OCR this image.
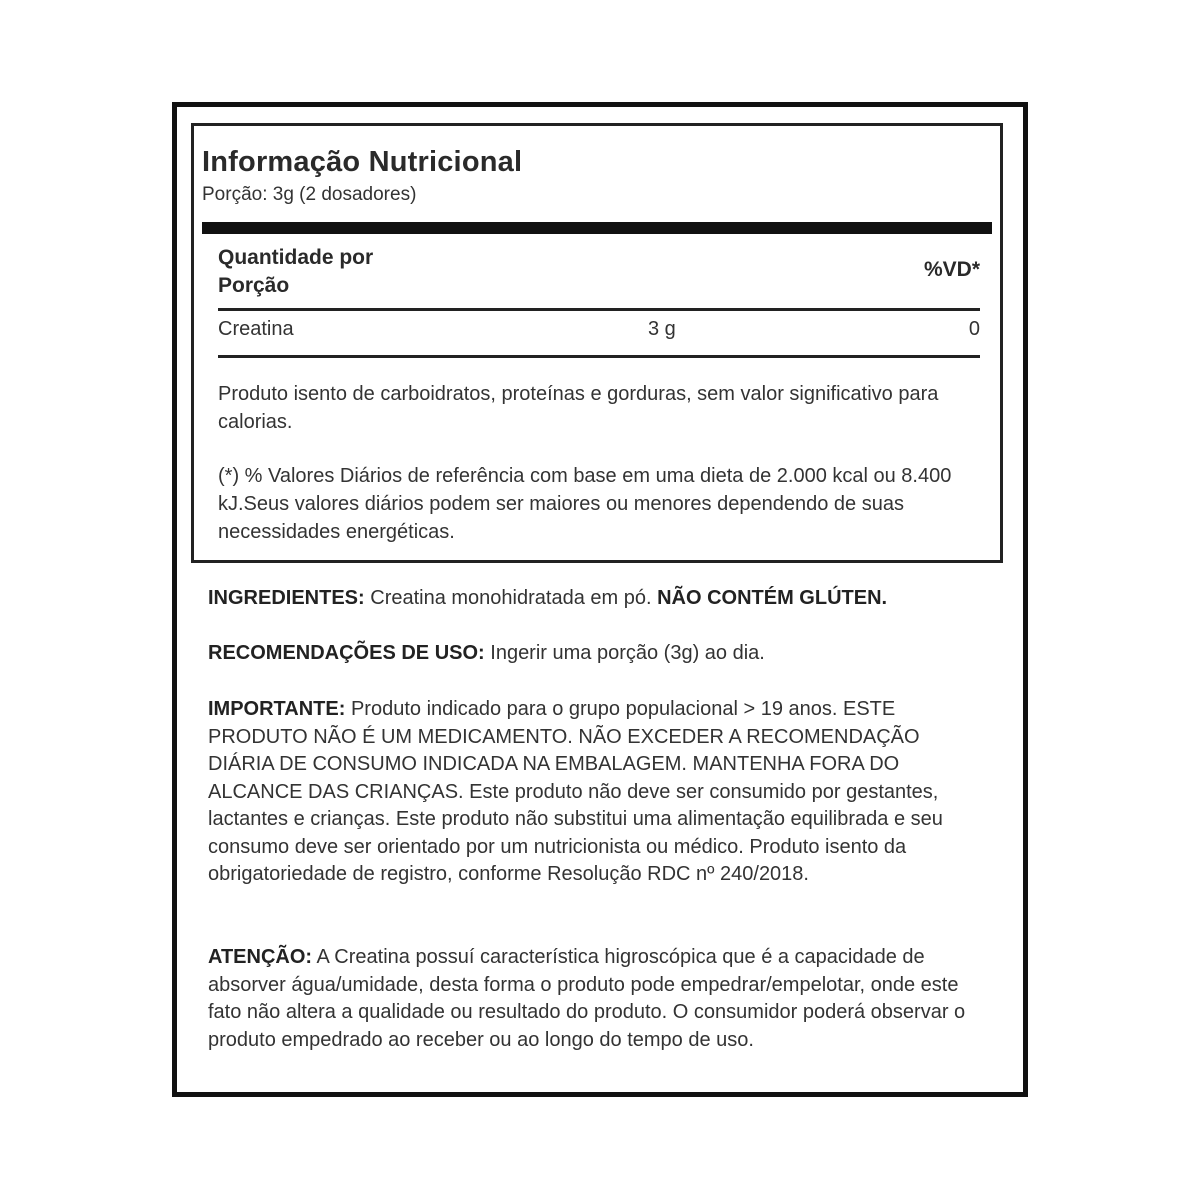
Informação Nutricional
Porção: 3g (2 dosadores)
Quantidade por
Porção
%VD*
Creatina	3 g	0
Produto isento de carboidratos, proteínas e gorduras, sem valor significativo para calorias.
(*) % Valores Diários de referência com base em uma dieta de 2.000 kcal ou 8.400 kJ.Seus valores diários podem ser maiores ou menores dependendo de suas necessidades energéticas.
INGREDIENTES: Creatina monohidratada em pó. NÃO CONTÉM GLÚTEN.
RECOMENDAÇÕES DE USO: Ingerir uma porção (3g) ao dia.
IMPORTANTE: Produto indicado para o grupo populacional > 19 anos. ESTE PRODUTO NÃO É UM MEDICAMENTO. NÃO EXCEDER A RECOMENDAÇÃO DIÁRIA DE CONSUMO INDICADA NA EMBALAGEM. MANTENHA FORA DO ALCANCE DAS CRIANÇAS. Este produto não deve ser consumido por gestantes, lactantes e crianças. Este produto não substitui uma alimentação equilibrada e seu consumo deve ser orientado por um nutricionista ou médico. Produto isento da obrigatoriedade de registro, conforme Resolução RDC nº 240/2018.
ATENÇÃO: A Creatina possuí característica higroscópica que é a capacidade de absorver água/umidade, desta forma o produto pode empedrar/empelotar, onde este fato não altera a qualidade ou resultado do produto. O consumidor poderá observar o produto empedrado ao receber ou ao longo do tempo de uso.
